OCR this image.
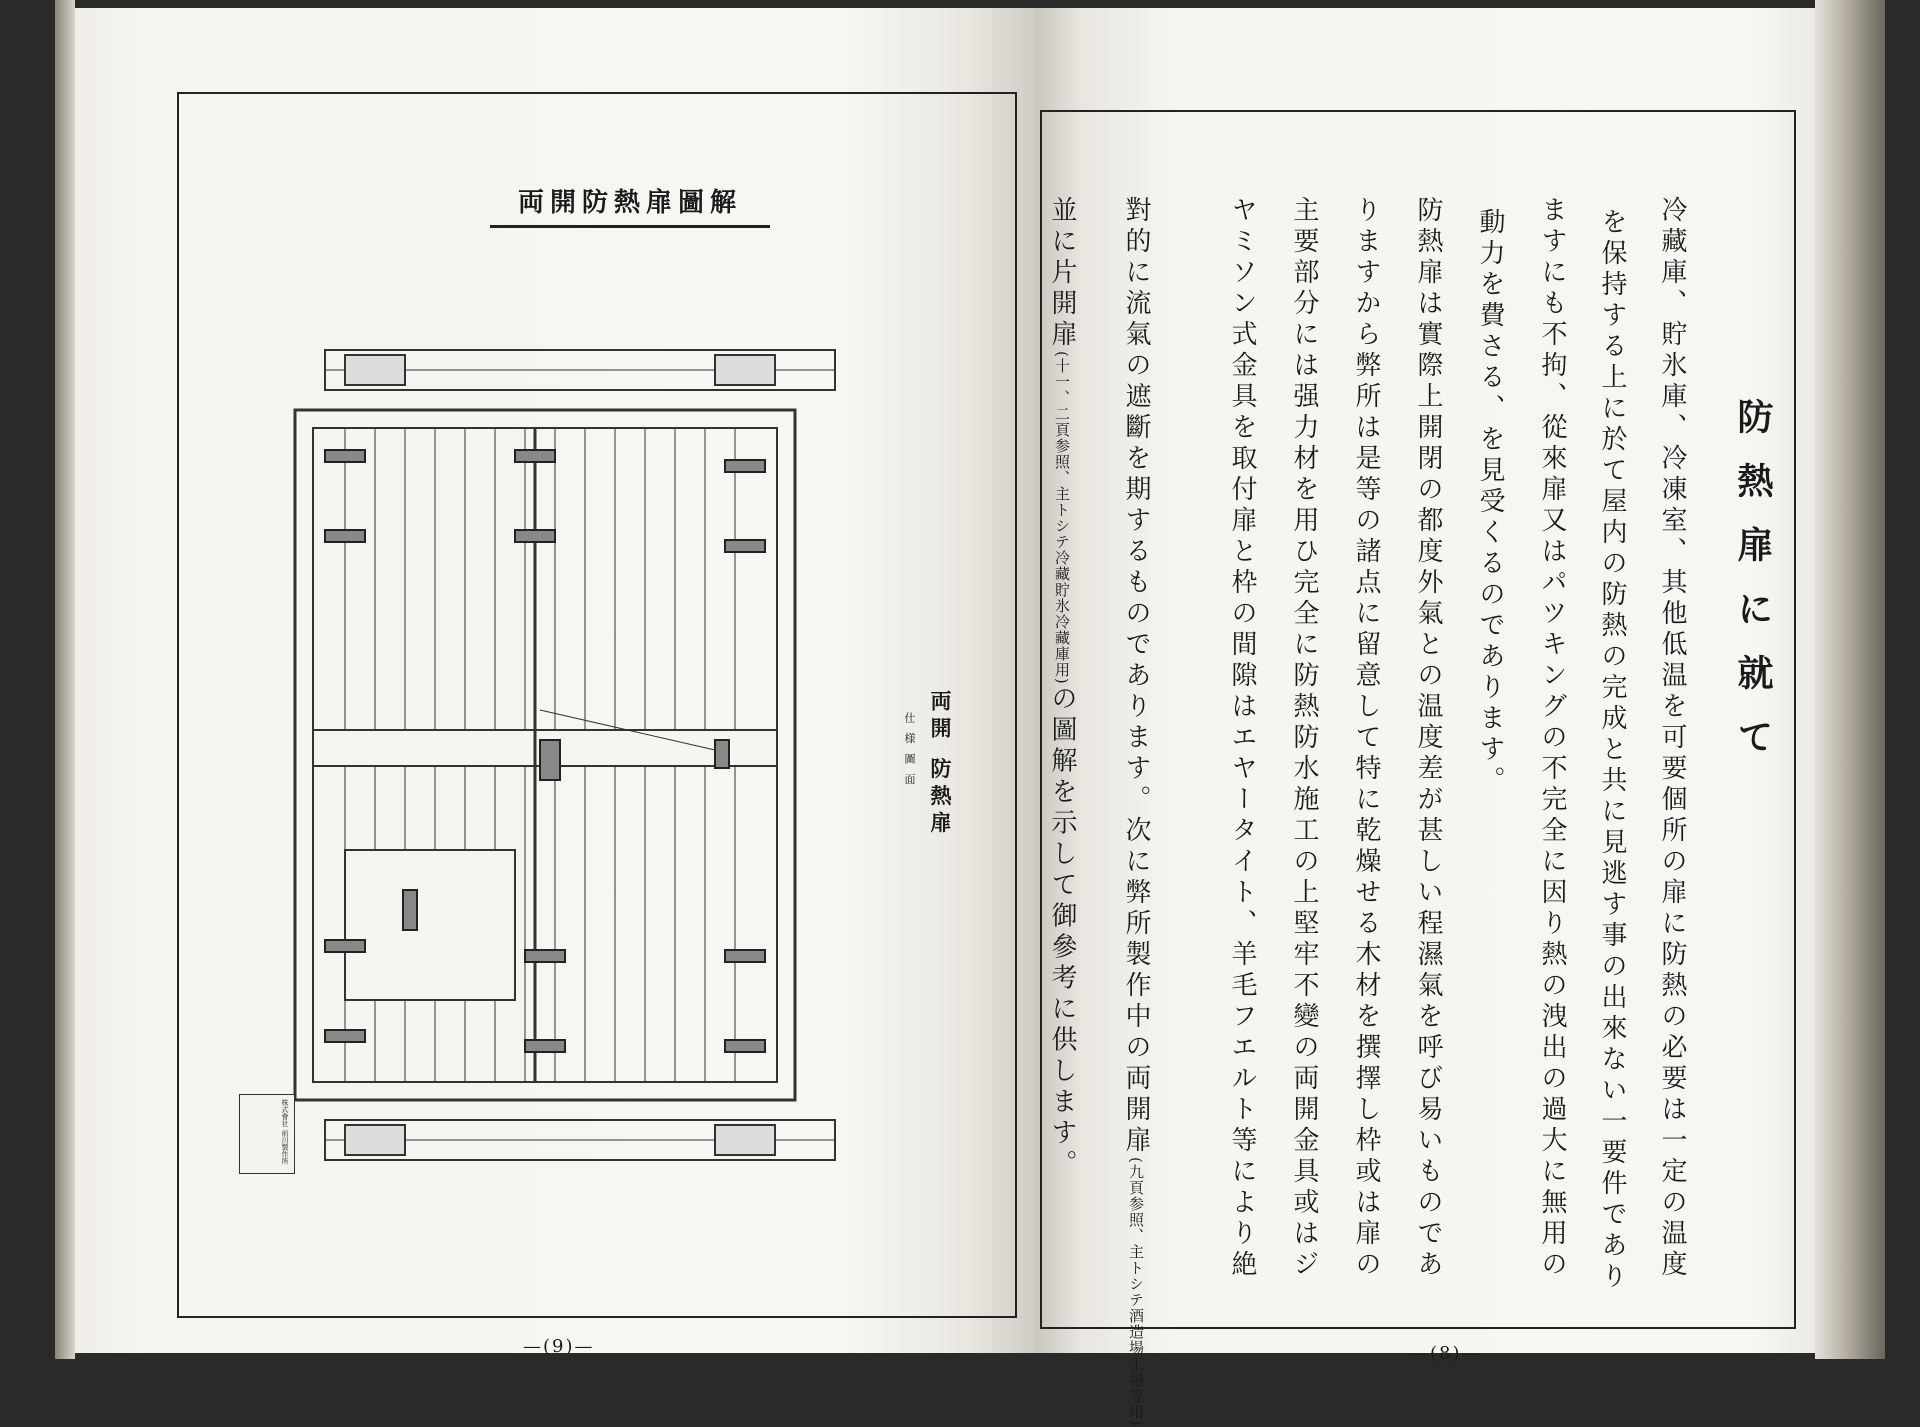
両開防熱扉圖解
両開 防熱扉
仕 様 圖 面
株式會社 前川製作所
—(9)—
防熱扉に就て
冷藏庫、貯氷庫、冷凍室、其他低温を可要個所の扉に防熱の必要は一定の温度
を保持する上に於て屋内の防熱の完成と共に見逃す事の出來ない一要件であり
ますにも不拘、從來扉又はパツキングの不完全に因り熱の洩出の過大に無用の
動力を費さる、を見受くるのであります。
防熱扉は實際上開閉の都度外氣との温度差が甚しい程濕氣を呼び易いものであ
りますから弊所は是等の諸点に留意して特に乾燥せる木材を撰擇し枠或は扉の
主要部分には强力材を用ひ完全に防熱防水施工の上堅牢不變の両開金具或はジ
ヤミソン式金具を取付扉と枠の間隙はエヤータイト、羊毛フエルト等により絶
對的に流氣の遮斷を期するものであります。次に弊所製作中の両開扉(九頁参照、主トシテ酒造場工場等用)
並に片開扉(十一、二頁参照、主トシテ冷藏貯氷冷藏庫用)の圖解を示して御參考に供します。
—(8)—
